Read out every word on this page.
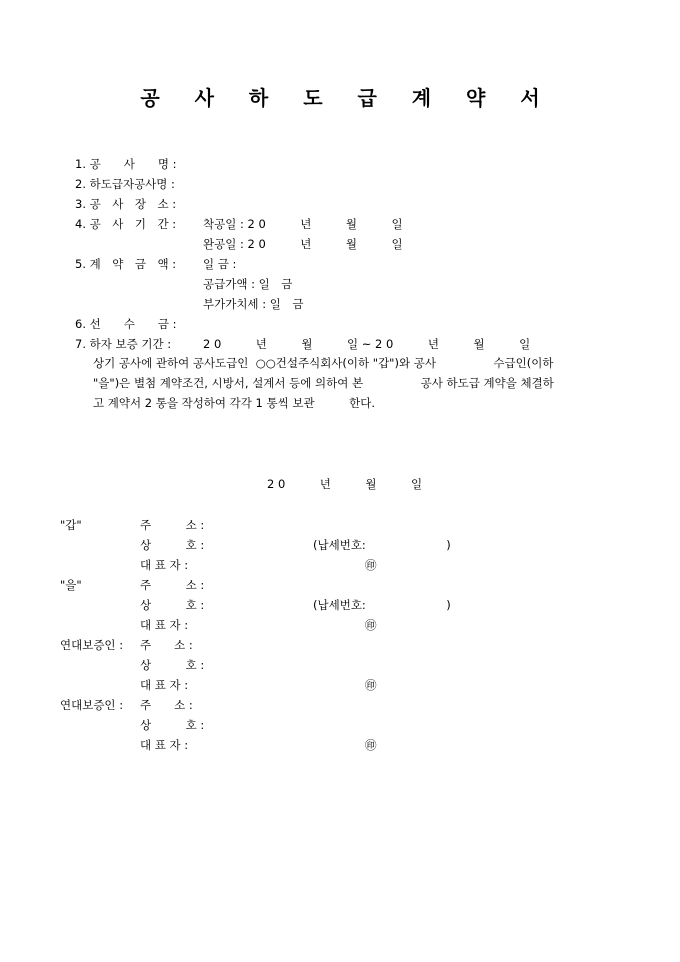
공 사 하 도 급 계 약 서
1. 공　　사　　명 :
2. 하도급자공사명 :
3. 공　사　장　소 :
4. 공　사　기　간 : 착공일 : 2 0　　　년　　　월　　　일
완공일 : 2 0　　　년　　　월　　　일
5. 계　약　금　액 : 일 금 :
공급가액 : 일　금
부가가치세 : 일　금
6. 선　　수　　금 :
7. 하자 보증 기간 :	2 0　　　년　　　월　　　일 ~ 2 0　　　년　　　월　　　일
상기 공사에 관하여 공사도급인  ○○건설주식회사(이하 "갑")와 공사　　　　　수급인(이하
"을")은 별첨 계약조건, 시방서, 설계서 등에 의하여 본　　　　　공사 하도급 계약을 체결하
고 계약서 2 통을 작성하여 각각 1 통씩 보관　　　한다.
2 0　　　년　　　월　　　일
"갑"	주　　　소 :
상　　　호 :	(납세번호:　　　　　　　)
대 표 자 :	㊞
"을"	주　　　소 :
상　　　호 :	(납세번호:　　　　　　　)
대 표 자 :	㊞
연대보증인 : 주　　소 :
상　　　호 :
대 표 자 :	㊞
연대보증인 : 주　　소 :
상　　　호 :
대 표 자 :	㊞
